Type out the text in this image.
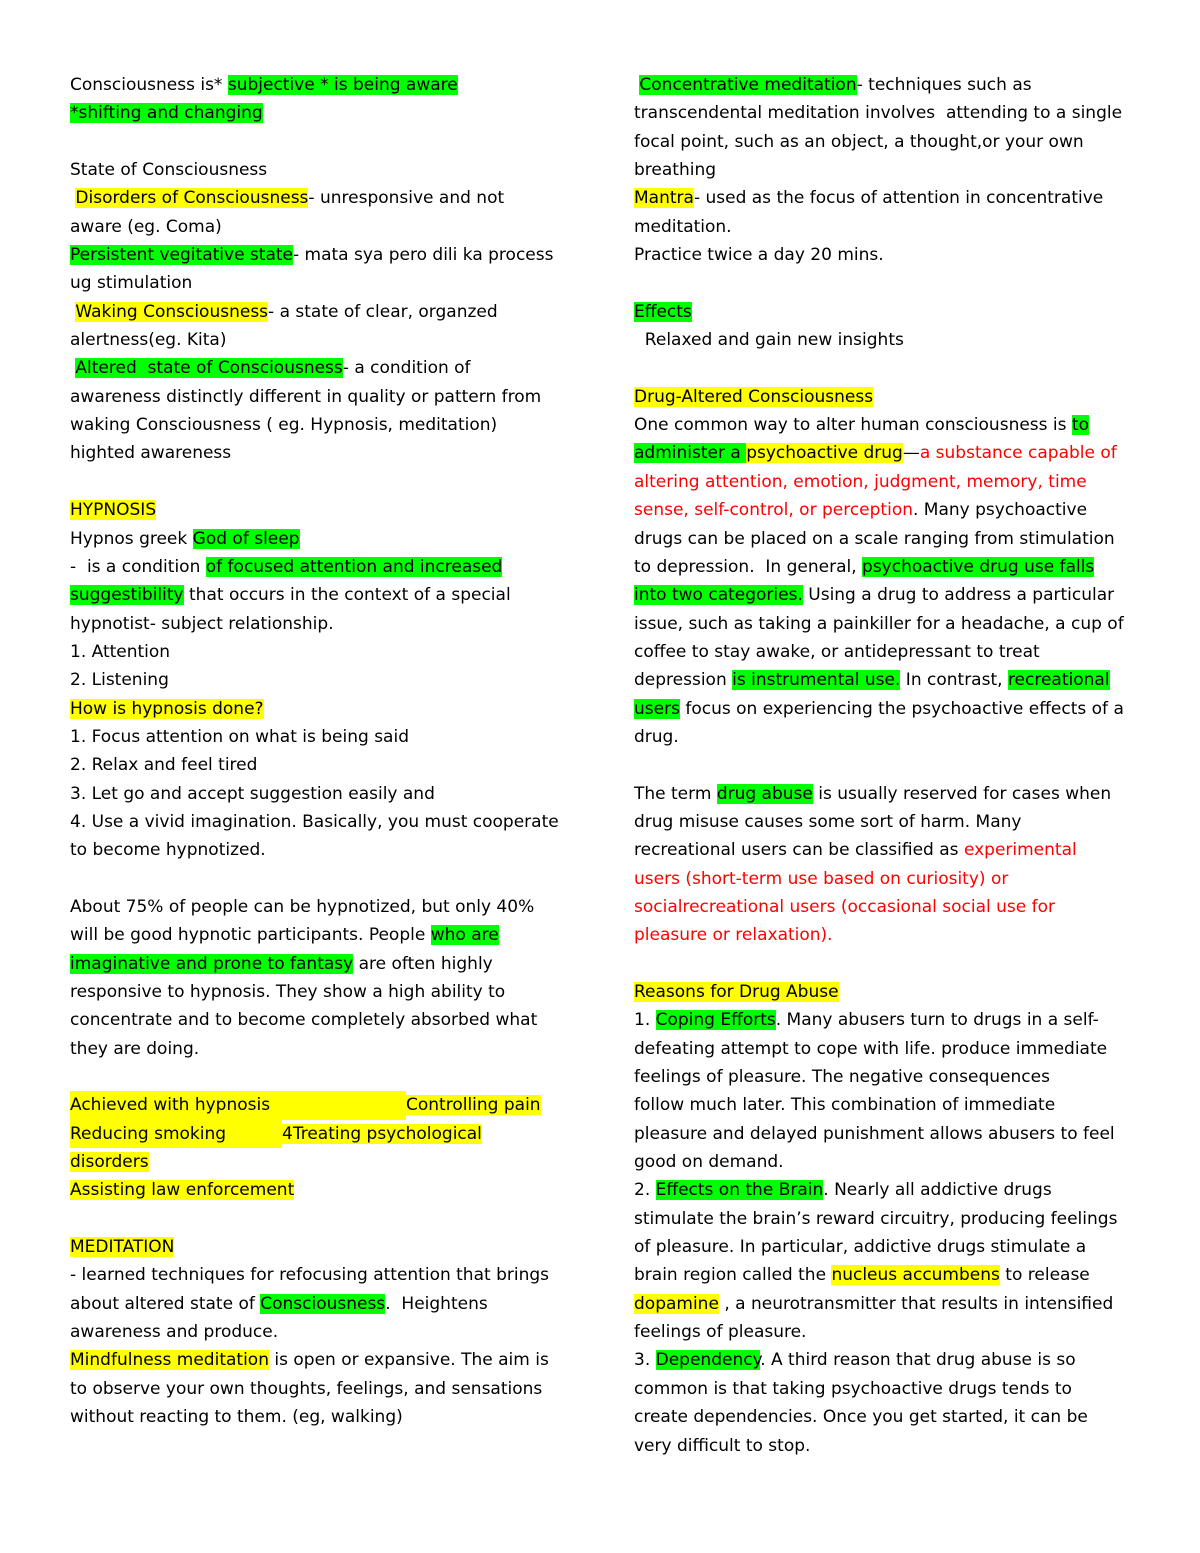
Consciousness is* subjective * is being aware
*shifting and changing

State of Consciousness
Disorders of Consciousness- unresponsive and not
aware (eg. Coma)
Persistent vegitative state- mata sya pero dili ka process
ug stimulation
Waking Consciousness- a state of clear, organzed
alertness(eg. Kita)
Altered  state of Consciousness- a condition of
awareness distinctly different in quality or pattern from
waking Consciousness ( eg. Hypnosis, meditation)
highted awareness

HYPNOSIS
Hypnos greek God of sleep
-  is a condition of focused attention and increased
suggestibility that occurs in the context of a special
hypnotist- subject relationship.
1. Attention
2. Listening
How is hypnosis done?
1. Focus attention on what is being said
2. Relax and feel tired
3. Let go and accept suggestion easily and
4. Use a vivid imagination. Basically, you must cooperate
to become hypnotized.

About 75% of people can be hypnotized, but only 40%
will be good hypnotic participants. People who are
imaginative and prone to fantasy are often highly
responsive to hypnosis. They show a high ability to
concentrate and to become completely absorbed what
they are doing.

Achieved with hypnosis	Controlling pain
Reducing smoking	4Treating psychological
disorders
Assisting law enforcement

MEDITATION
- learned techniques for refocusing attention that brings
about altered state of Consciousness.  Heightens
awareness and produce.
Mindfulness meditation is open or expansive. The aim is
to observe your own thoughts, feelings, and sensations
without reacting to them. (eg, walking)
Concentrative meditation- techniques such as
transcendental meditation involves  attending to a single
focal point, such as an object, a thought,or your own
breathing
Mantra- used as the focus of attention in concentrative
meditation.
Practice twice a day 20 mins.

Effects
Relaxed and gain new insights

Drug-Altered Consciousness
One common way to alter human consciousness is to
administer a psychoactive drug—a substance capable of
altering attention, emotion, judgment, memory, time
sense, self-control, or perception. Many psychoactive
drugs can be placed on a scale ranging from stimulation
to depression.  In general, psychoactive drug use falls
into two categories. Using a drug to address a particular
issue, such as taking a painkiller for a headache, a cup of
coffee to stay awake, or antidepressant to treat
depression is instrumental use. In contrast, recreational
users focus on experiencing the psychoactive effects of a
drug.

The term drug abuse is usually reserved for cases when
drug misuse causes some sort of harm. Many
recreational users can be classified as experimental
users (short-term use based on curiosity) or
socialrecreational users (occasional social use for
pleasure or relaxation).

Reasons for Drug Abuse
1. Coping Efforts. Many abusers turn to drugs in a self-
defeating attempt to cope with life. produce immediate
feelings of pleasure. The negative consequences
follow much later. This combination of immediate
pleasure and delayed punishment allows abusers to feel
good on demand.
2. Effects on the Brain. Nearly all addictive drugs
stimulate the brain’s reward circuitry, producing feelings
of pleasure. In particular, addictive drugs stimulate a
brain region called the nucleus accumbens to release
dopamine , a neurotransmitter that results in intensified
feelings of pleasure.
3. Dependency. A third reason that drug abuse is so
common is that taking psychoactive drugs tends to
create dependencies. Once you get started, it can be
very difficult to stop.
